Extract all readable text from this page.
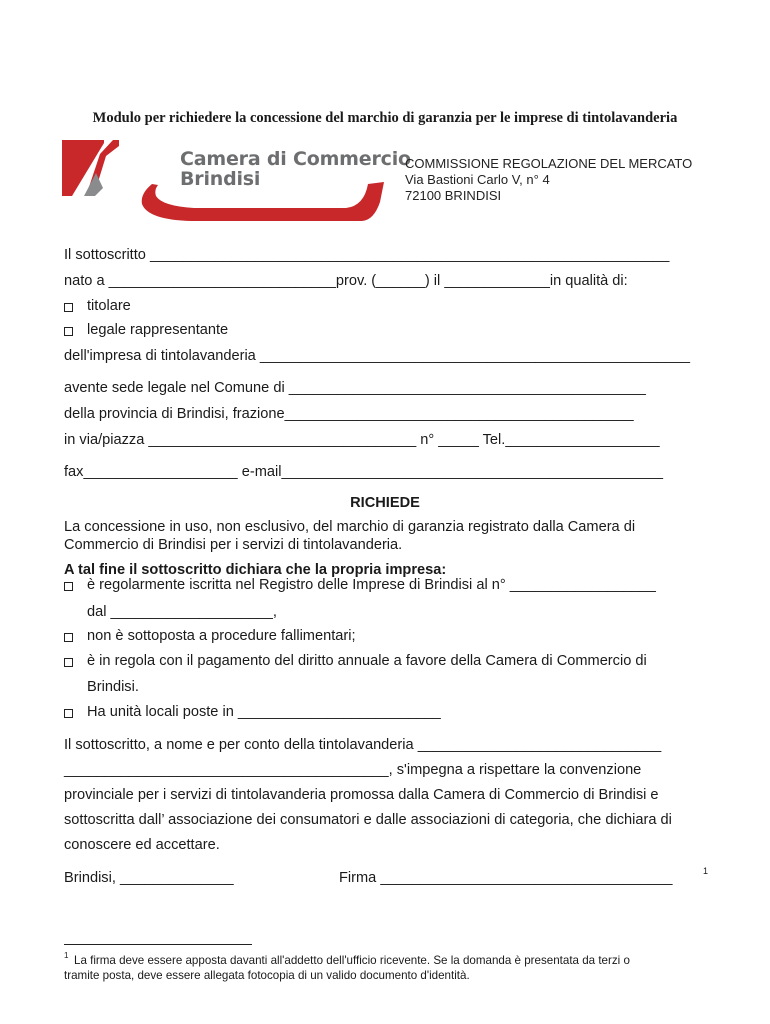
Modulo per richiedere la concessione del marchio di garanzia per le imprese di tintolavanderia
Camera di Commercio
Brindisi
COMMISSIONE REGOLAZIONE DEL MERCATO
Via Bastioni Carlo V, n° 4
72100 BRINDISI
Il sottoscritto ________________________________________________________________
nato a ____________________________prov. (______) il _____________in qualità di:
titolare
legale rappresentante
dell'impresa di tintolavanderia _____________________________________________________
avente sede legale nel Comune di ____________________________________________
della provincia di Brindisi, frazione___________________________________________
in via/piazza _________________________________ n° _____ Tel.___________________
fax___________________ e-mail_______________________________________________
RICHIEDE
La concessione in uso, non esclusivo, del marchio di garanzia registrato dalla Camera di
Commercio di Brindisi per i servizi di tintolavanderia.
A tal fine il sottoscritto dichiara che la propria impresa:
è regolarmente iscritta nel Registro delle Imprese di Brindisi al n° __________________
dal ____________________,
non è sottoposta a procedure fallimentari;
è in regola con il pagamento del diritto annuale a favore della Camera di Commercio di
Brindisi.
Ha unità locali poste in _________________________
Il sottoscritto, a nome e per conto della tintolavanderia ______________________________
________________________________________, s'impegna a rispettare la convenzione
provinciale per i servizi di tintolavanderia promossa dalla Camera di Commercio di Brindisi e
sottoscritta dall’ associazione dei consumatori e dalle associazioni di categoria, che dichiara di
conoscere ed accettare.
Brindisi, ______________	Firma ____________________________________	1
1 La firma deve essere apposta davanti all'addetto dell'ufficio ricevente. Se la domanda è presentata da terzi o
tramite posta, deve essere allegata fotocopia di un valido documento d'identità.
